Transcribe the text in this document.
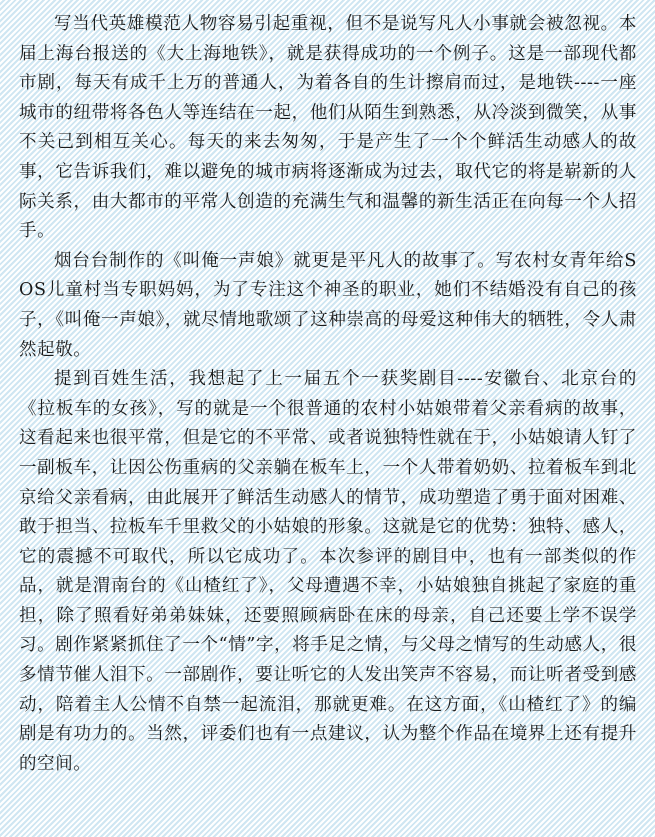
写当代英雄模范人物容易引起重视，但不是说写凡人小事就会被忽视。本届上海台报送的《大上海地铁》，就是获得成功的一个例子。这是一部现代都市剧，每天有成千上万的普通人，为着各自的生计擦肩而过，是地铁----一座城市的纽带将各色人等连结在一起，他们从陌生到熟悉，从冷淡到微笑，从事不关己到相互关心。每天的来去匆匆，于是产生了一个个鲜活生动感人的故事，它告诉我们，难以避免的城市病将逐渐成为过去，取代它的将是崭新的人际关系，由大都市的平常人创造的充满生气和温馨的新生活正在向每一个人招手。

烟台台制作的《叫俺一声娘》就更是平凡人的故事了。写农村女青年给SOS儿童村当专职妈妈，为了专注这个神圣的职业，她们不结婚没有自己的孩子，《叫俺一声娘》，就尽情地歌颂了这种崇高的母爱这种伟大的牺牲，令人肃然起敬。

提到百姓生活，我想起了上一届五个一获奖剧目----安徽台、北京台的《拉板车的女孩》，写的就是一个很普通的农村小姑娘带着父亲看病的故事，这看起来也很平常，但是它的不平常、或者说独特性就在于，小姑娘请人钉了一副板车，让因公伤重病的父亲躺在板车上，一个人带着奶奶、拉着板车到北京给父亲看病，由此展开了鲜活生动感人的情节，成功塑造了勇于面对困难、敢于担当、拉板车千里救父的小姑娘的形象。这就是它的优势：独特、感人，它的震撼不可取代，所以它成功了。本次参评的剧目中，也有一部类似的作品，就是渭南台的《山楂红了》，父母遭遇不幸，小姑娘独自挑起了家庭的重担，除了照看好弟弟妹妹，还要照顾病卧在床的母亲，自己还要上学不误学习。剧作紧紧抓住了一个“情”字，将手足之情，与父母之情写的生动感人，很多情节催人泪下。一部剧作，要让听它的人发出笑声不容易，而让听者受到感动，陪着主人公情不自禁一起流泪，那就更难。在这方面，《山楂红了》的编剧是有功力的。当然，评委们也有一点建议，认为整个作品在境界上还有提升的空间。
